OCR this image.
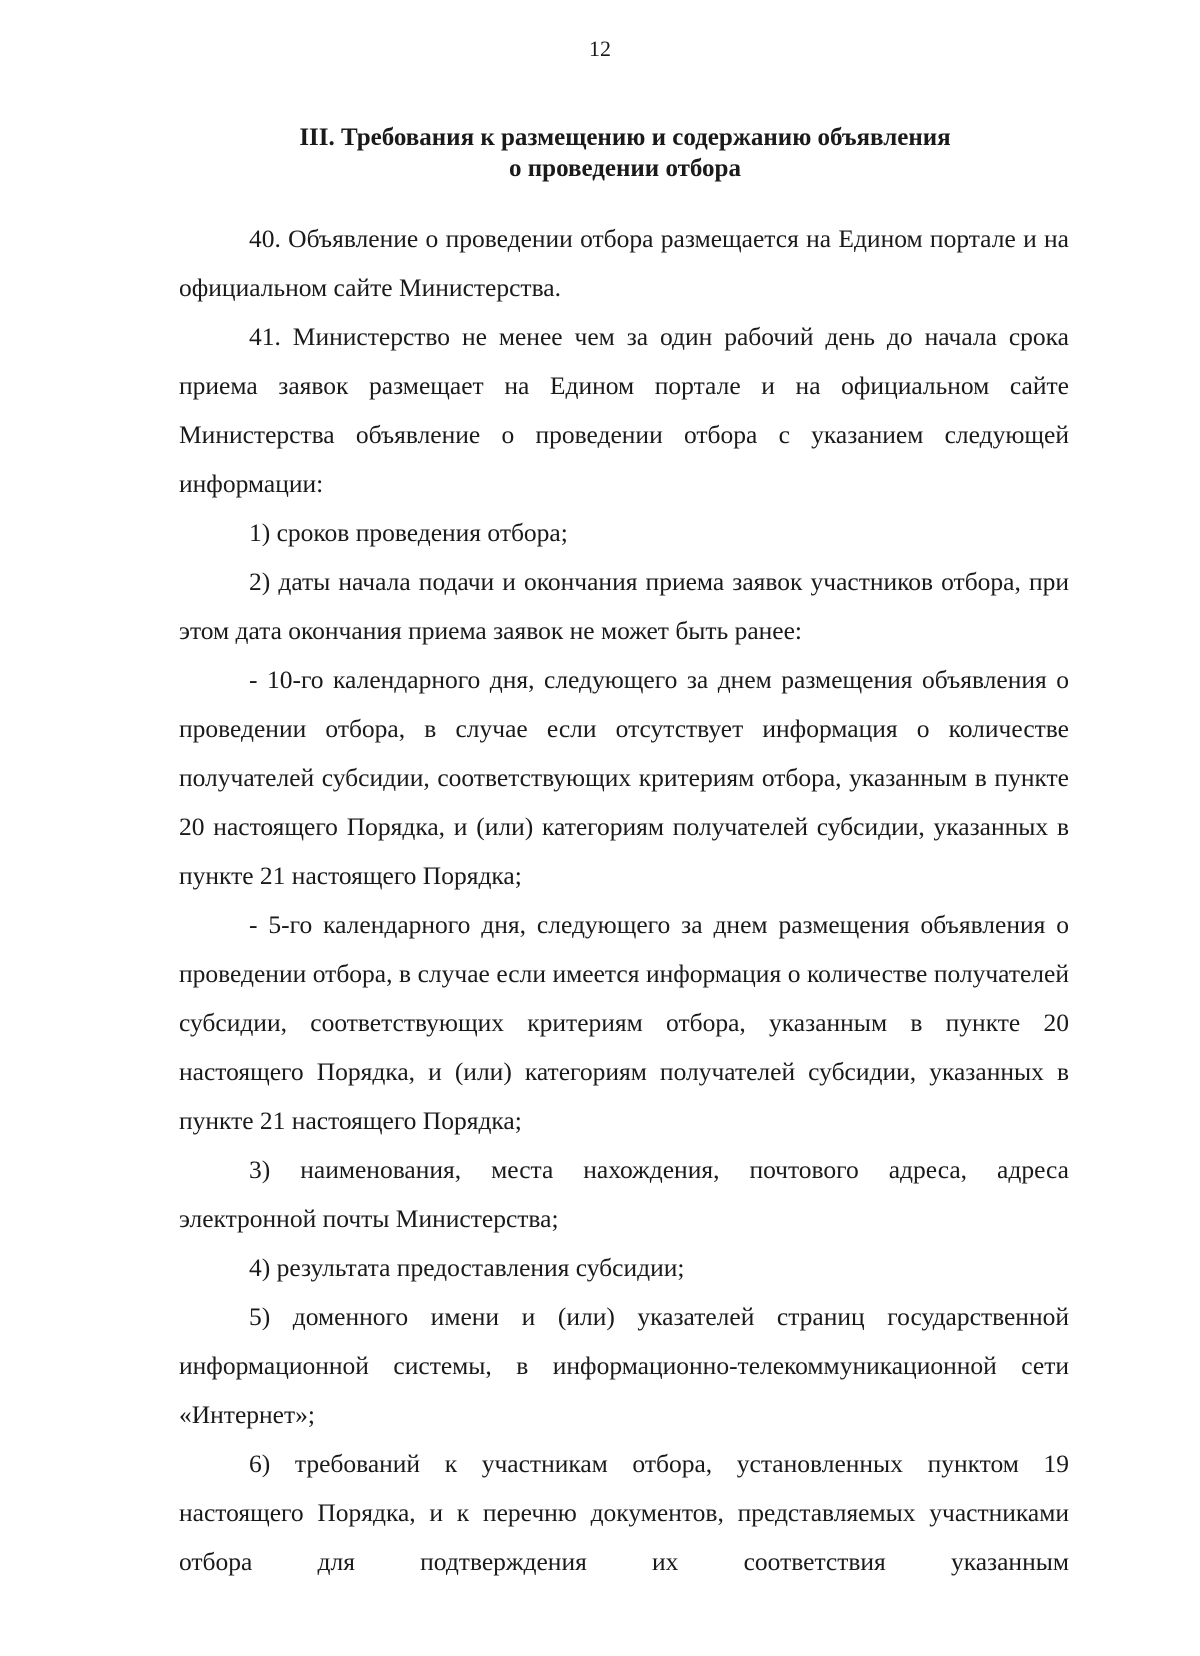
12
III. Требования к размещению и содержанию объявления
о проведении отбора

40. Объявление о проведении отбора размещается на Едином портале и на официальном сайте Министерства.

41. Министерство не менее чем за один рабочий день до начала срока приема заявок размещает на Едином портале и на официальном сайте Министерства объявление о проведении отбора с указанием следующей информации:

1) сроков проведения отбора;

2) даты начала подачи и окончания приема заявок участников отбора, при этом дата окончания приема заявок не может быть ранее:

- 10-го календарного дня, следующего за днем размещения объявления о проведении отбора, в случае если отсутствует информация о количестве получателей субсидии, соответствующих критериям отбора, указанным в пункте 20 настоящего Порядка, и (или) категориям получателей субсидии, указанных в пункте 21 настоящего Порядка;

- 5-го календарного дня, следующего за днем размещения объявления о проведении отбора, в случае если имеется информация о количестве получателей субсидии, соответствующих критериям отбора, указанным в пункте 20 настоящего Порядка, и (или) категориям получателей субсидии, указанных в пункте 21 настоящего Порядка;

3) наименования, места нахождения, почтового адреса, адреса электронной почты Министерства;

4) результата предоставления субсидии;

5) доменного имени и (или) указателей страниц государственной информационной системы, в информационно-телекоммуникационной сети «Интернет»;

6) требований к участникам отбора, установленных пунктом 19 настоящего Порядка, и к перечню документов, представляемых участниками отбора для подтверждения их соответствия указанным
